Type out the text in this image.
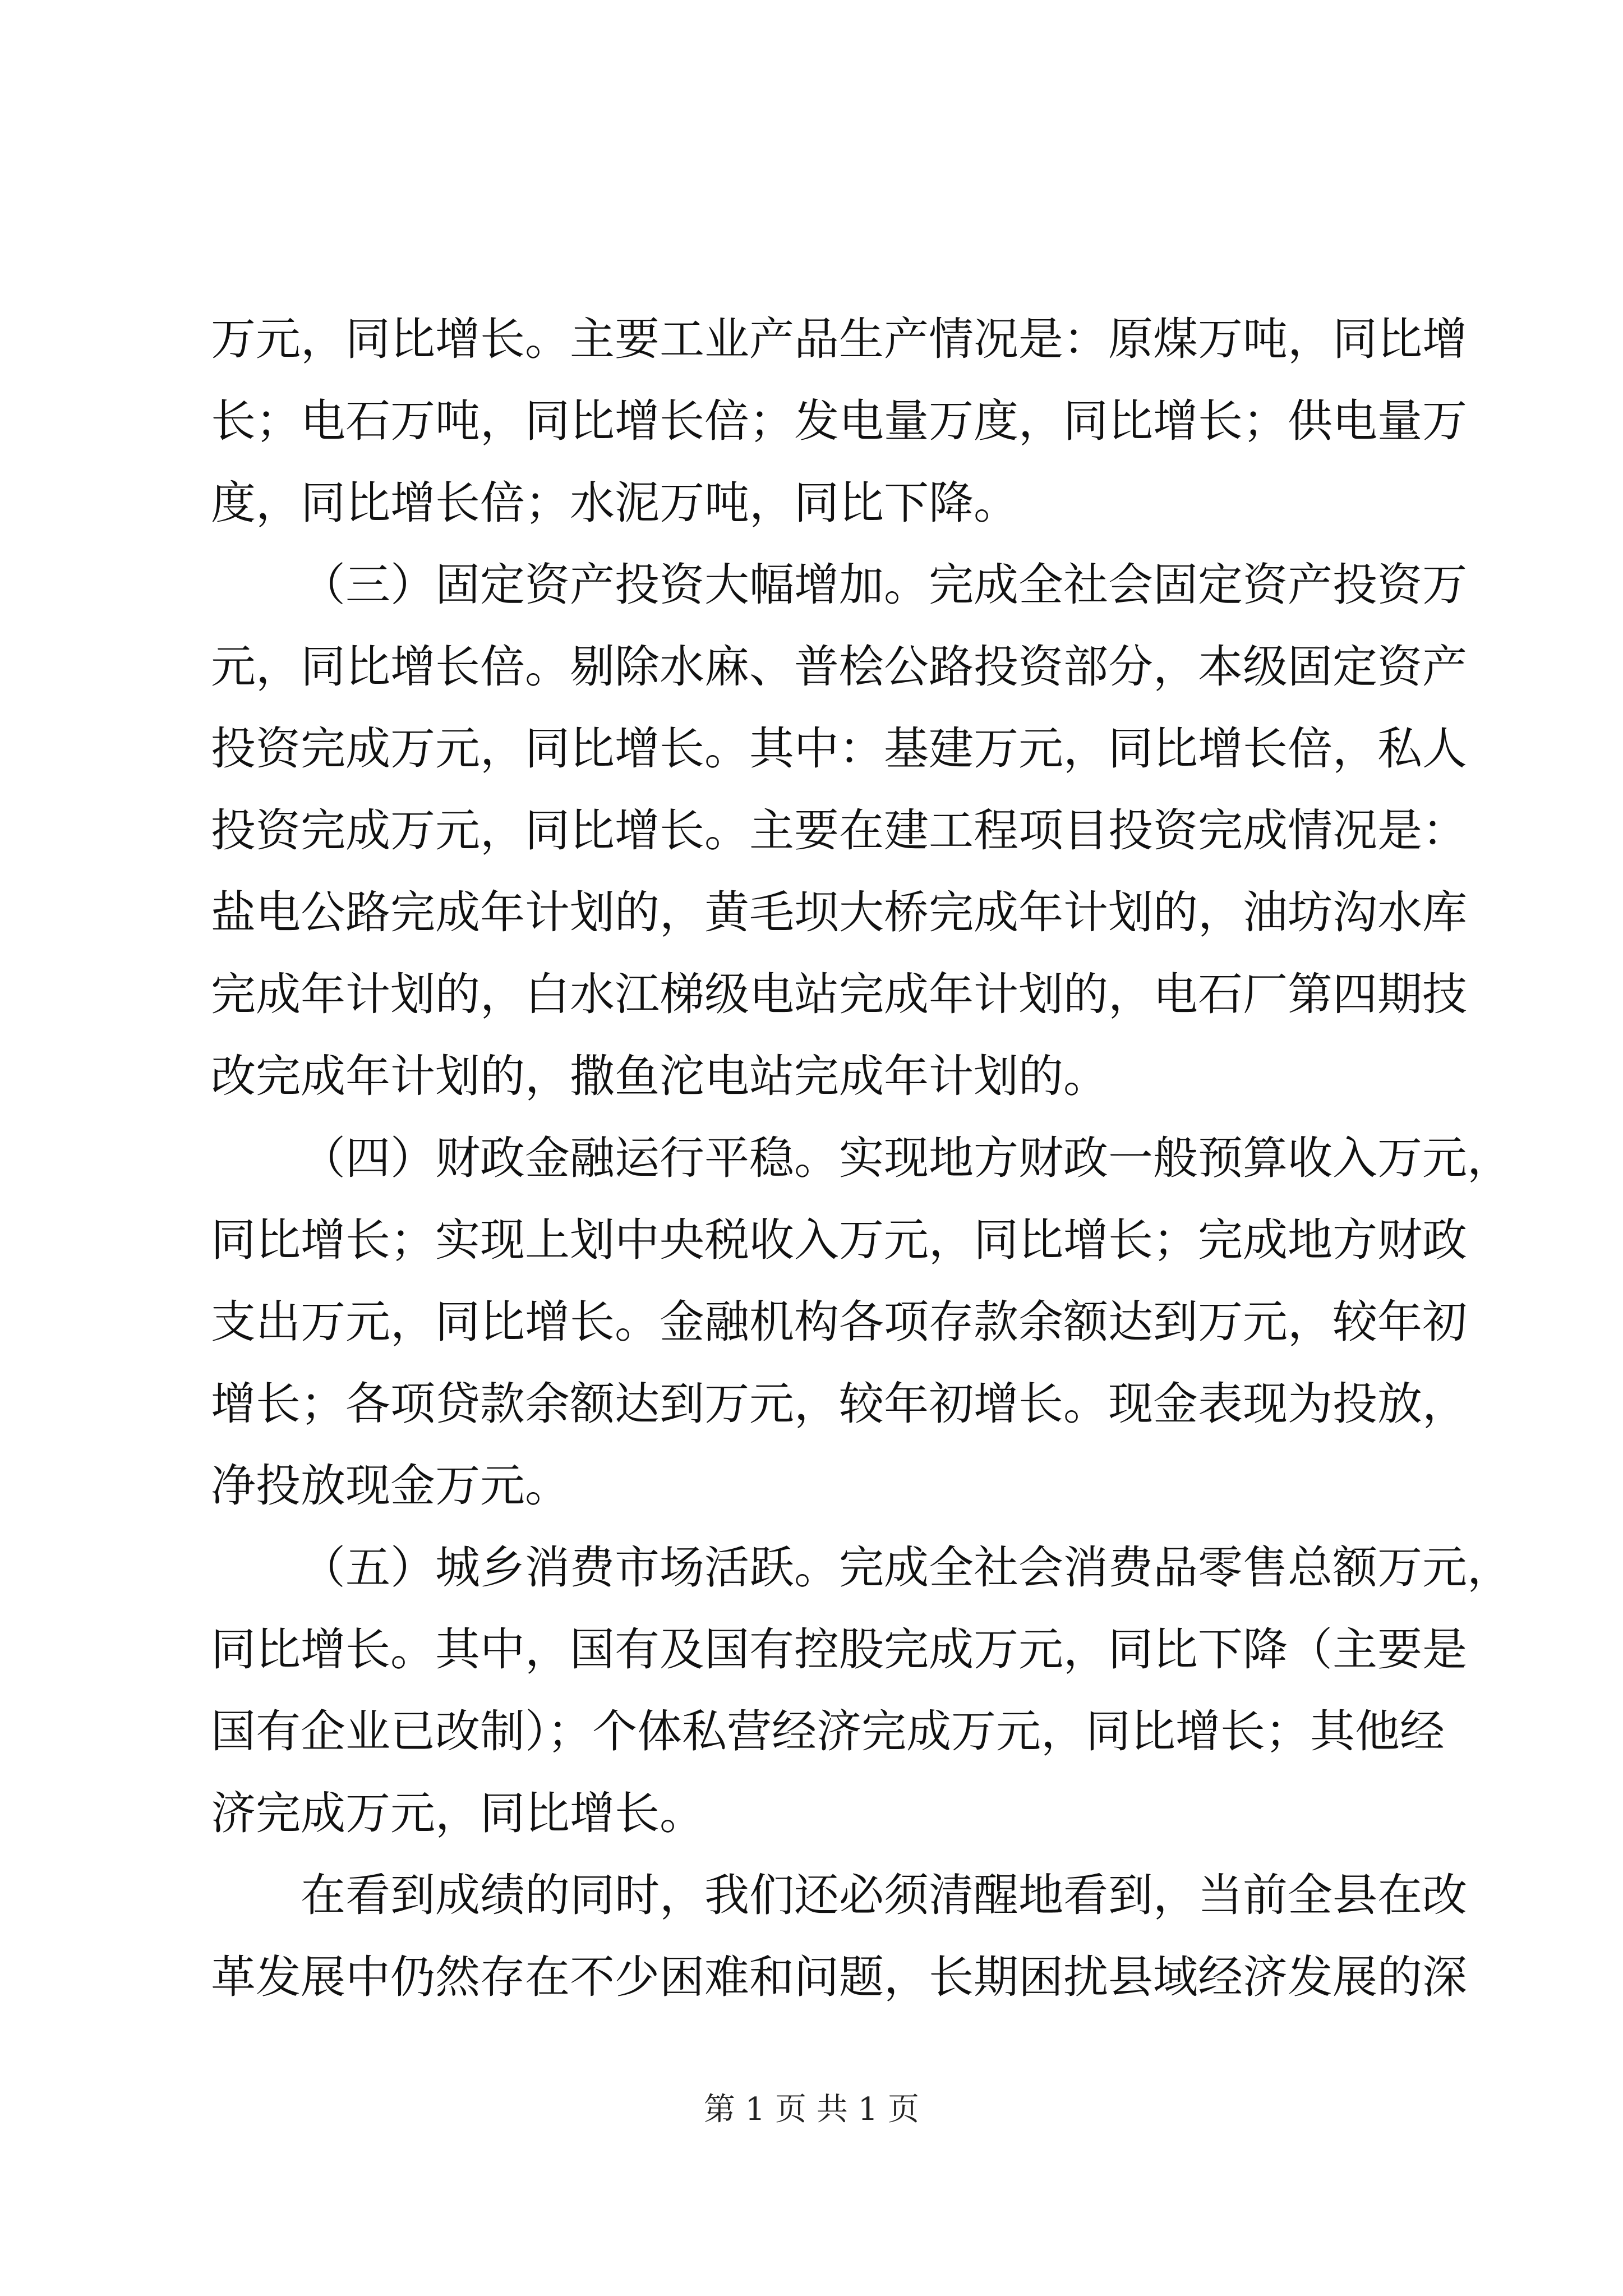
万元，同比增长。主要工业产品生产情况是：原煤万吨，同比增
长；电石万吨，同比增长倍；发电量万度，同比增长；供电量万
度，同比增长倍；水泥万吨，同比下降。
（三）固定资产投资大幅增加。完成全社会固定资产投资万
元，同比增长倍。剔除水麻、普桧公路投资部分，本级固定资产
投资完成万元，同比增长。其中：基建万元，同比增长倍，私人
投资完成万元，同比增长。主要在建工程项目投资完成情况是：
盐电公路完成年计划的，黄毛坝大桥完成年计划的，油坊沟水库
完成年计划的，白水江梯级电站完成年计划的，电石厂第四期技
改完成年计划的，撒鱼沱电站完成年计划的。
（四）财政金融运行平稳。实现地方财政一般预算收入万元，
同比增长；实现上划中央税收入万元，同比增长；完成地方财政
支出万元，同比增长。金融机构各项存款余额达到万元，较年初
增长；各项贷款余额达到万元，较年初增长。现金表现为投放，
净投放现金万元。
（五）城乡消费市场活跃。完成全社会消费品零售总额万元，
同比增长。其中，国有及国有控股完成万元，同比下降（主要是
国有企业已改制）；个体私营经济完成万元，同比增长；其他经
济完成万元，同比增长。
在看到成绩的同时，我们还必须清醒地看到，当前全县在改
革发展中仍然存在不少困难和问题，长期困扰县域经济发展的深
第 1 页 共 1 页
